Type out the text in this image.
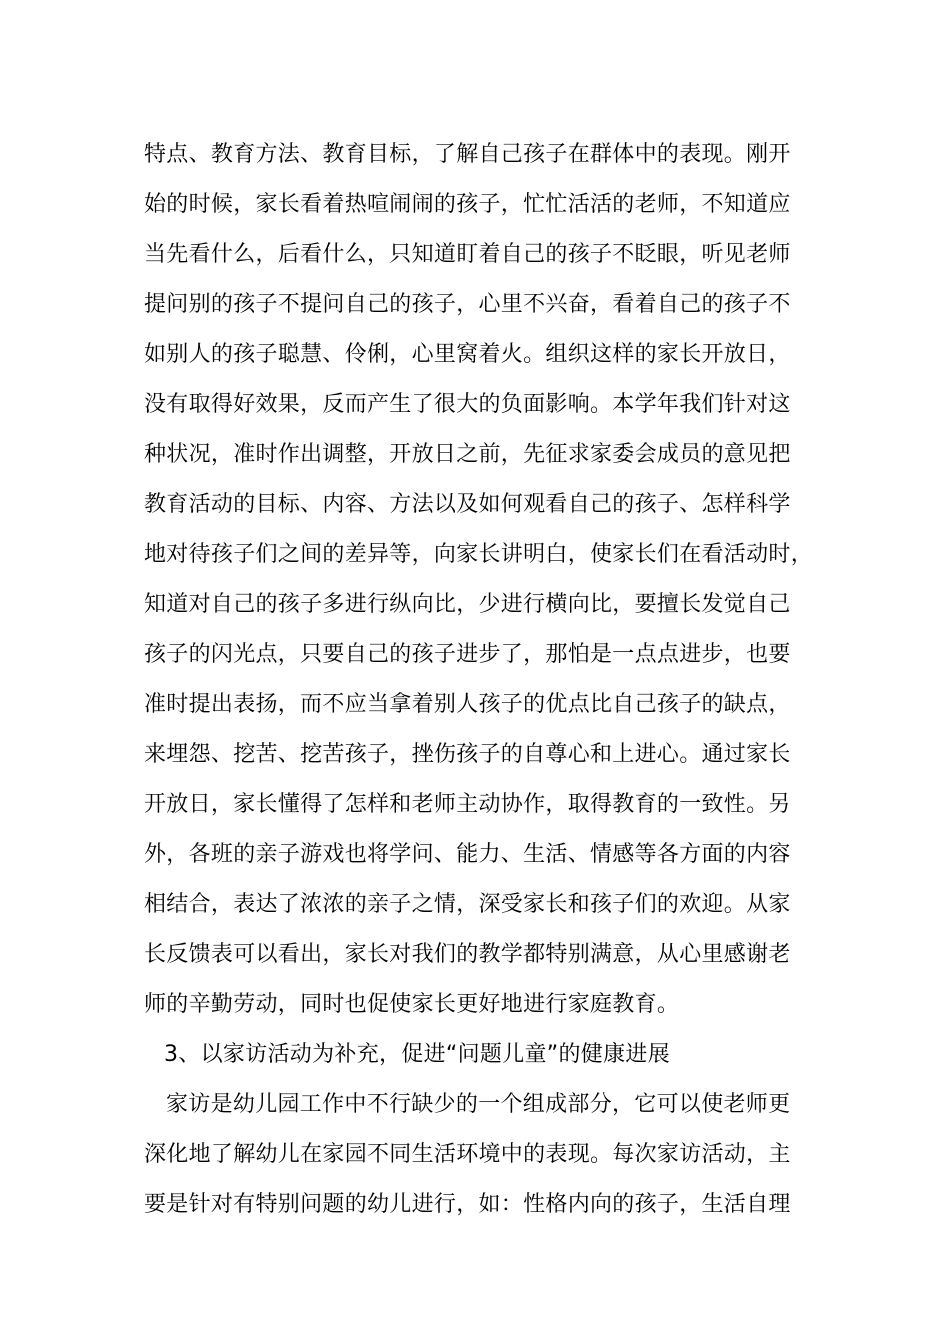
特点、教育方法、教育目标，了解自己孩子在群体中的表现。刚开
始的时候，家长看着热喧闹闹的孩子，忙忙活活的老师，不知道应
当先看什么，后看什么，只知道盯着自己的孩子不眨眼，听见老师
提问别的孩子不提问自己的孩子，心里不兴奋，看着自己的孩子不
如别人的孩子聪慧、伶俐，心里窝着火。组织这样的家长开放日，
没有取得好效果，反而产生了很大的负面影响。本学年我们针对这
种状况，准时作出调整，开放日之前，先征求家委会成员的意见把
教育活动的目标、内容、方法以及如何观看自己的孩子、怎样科学
地对待孩子们之间的差异等，向家长讲明白，使家长们在看活动时，
知道对自己的孩子多进行纵向比，少进行横向比，要擅长发觉自己
孩子的闪光点，只要自己的孩子进步了，那怕是一点点进步，也要
准时提出表扬，而不应当拿着别人孩子的优点比自己孩子的缺点，
来埋怨、挖苦、挖苦孩子，挫伤孩子的自尊心和上进心。通过家长
开放日，家长懂得了怎样和老师主动协作，取得教育的一致性。另
外，各班的亲子游戏也将学问、能力、生活、情感等各方面的内容
相结合，表达了浓浓的亲子之情，深受家长和孩子们的欢迎。从家
长反馈表可以看出，家长对我们的教学都特别满意，从心里感谢老
师的辛勤劳动，同时也促使家长更好地进行家庭教育。
3、以家访活动为补充，促进“问题儿童”的健康进展
家访是幼儿园工作中不行缺少的一个组成部分，它可以使老师更
深化地了解幼儿在家园不同生活环境中的表现。每次家访活动，主
要是针对有特别问题的幼儿进行，如：性格内向的孩子，生活自理
